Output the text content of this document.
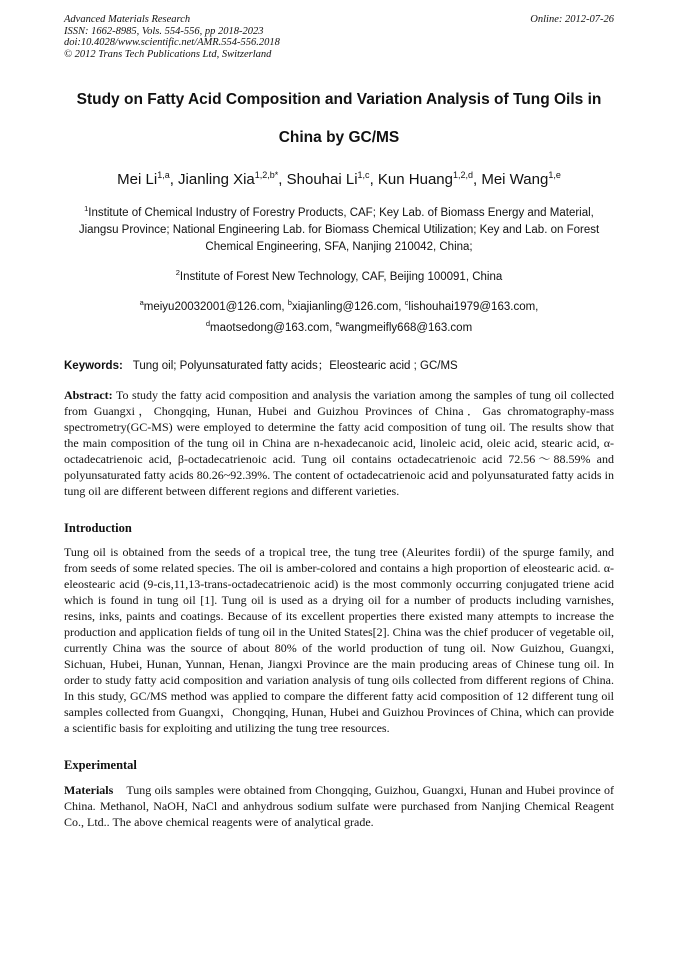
Advanced Materials Research
ISSN: 1662-8985, Vols. 554-556, pp 2018-2023
doi:10.4028/www.scientific.net/AMR.554-556.2018
© 2012 Trans Tech Publications Ltd, Switzerland
Online: 2012-07-26
Study on Fatty Acid Composition and Variation Analysis of Tung Oils in
China by GC/MS
Mei Li$^{1,a}$, Jianling Xia$^{1,2,b*}$, Shouhai Li$^{1,c}$, Kun Huang$^{1,2,d}$, Mei Wang$^{1,e}$
$^1$Institute of Chemical Industry of Forestry Products, CAF; Key Lab. of Biomass Energy and Material, Jiangsu Province; National Engineering Lab. for Biomass Chemical Utilization; Key and Lab. on Forest Chemical Engineering, SFA, Nanjing 210042, China;
$^2$Institute of Forest New Technology, CAF, Beijing 100091, China
$^a$meiyu20032001@126.com, $^b$xiajianling@126.com, $^c$lishouhai1979@163.com,
$^d$maotsedong@163.com, $^e$wangmeifly668@163.com
Keywords: Tung oil; Polyunsaturated fatty acids；Eleostearic acid ; GC/MS
Abstract: To study the fatty acid composition and analysis the variation among the samples of tung oil collected from Guangxi，Chongqing, Hunan, Hubei and Guizhou Provinces of China．Gas chromatography-mass spectrometry(GC-MS) were employed to determine the fatty acid composition of tung oil. The results show that the main composition of the tung oil in China are n-hexadecanoic acid, linoleic acid, oleic acid, stearic acid, α-octadecatrienoic acid, β-octadecatrienoic acid. Tung oil contains octadecatrienoic acid 72.56〜88.59% and polyunsaturated fatty acids 80.26~92.39%. The content of octadecatrienoic acid and polyunsaturated fatty acids in tung oil are different between different regions and different varieties.
Introduction
Tung oil is obtained from the seeds of a tropical tree, the tung tree (Aleurites fordii) of the spurge family, and from seeds of some related species. The oil is amber-colored and contains a high proportion of eleostearic acid. α-eleostearic acid (9-cis,11,13-trans-octadecatrienoic acid) is the most commonly occurring conjugated triene acid which is found in tung oil [1]. Tung oil is used as a drying oil for a number of products including varnishes, resins, inks, paints and coatings. Because of its excellent properties there existed many attempts to increase the production and application fields of tung oil in the United States[2]. China was the chief producer of vegetable oil, currently China was the source of about 80% of the world production of tung oil. Now Guizhou, Guangxi, Sichuan, Hubei, Hunan, Yunnan, Henan, Jiangxi Province are the main producing areas of Chinese tung oil. In order to study fatty acid composition and variation analysis of tung oils collected from different regions of China. In this study, GC/MS method was applied to compare the different fatty acid composition of 12 different tung oil samples collected from Guangxi，Chongqing, Hunan, Hubei and Guizhou Provinces of China, which can provide a scientific basis for exploiting and utilizing the tung tree resources.
Experimental
Materials    Tung oils samples were obtained from Chongqing, Guizhou, Guangxi, Hunan and Hubei province of China. Methanol, NaOH, NaCl and anhydrous sodium sulfate were purchased from Nanjing Chemical Reagent Co., Ltd.. The above chemical reagents were of analytical grade.
